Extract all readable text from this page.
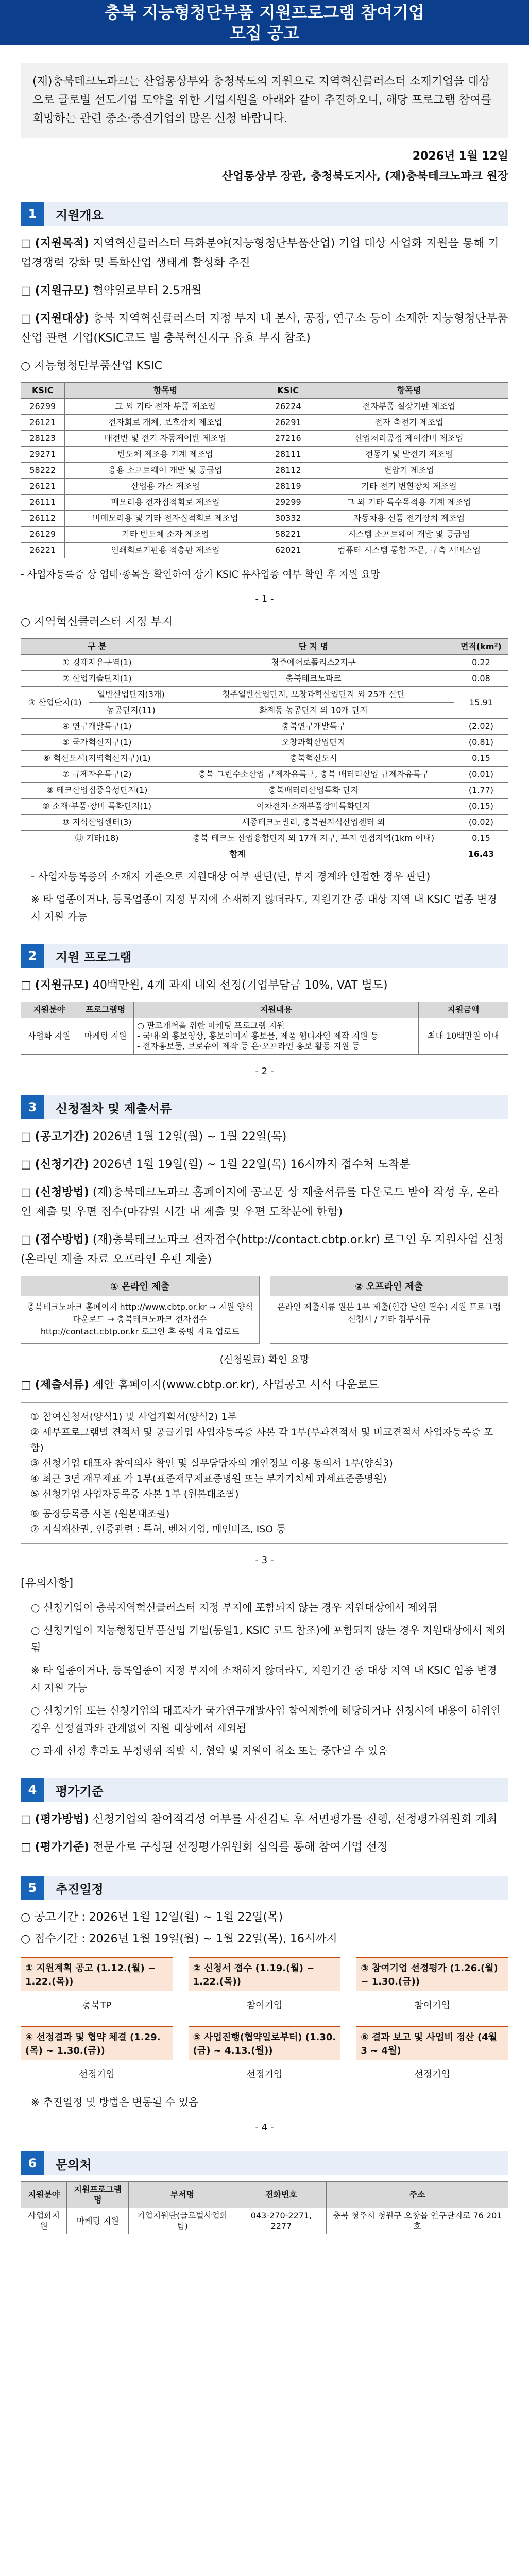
충북 지능형청단부품 지원프로그램 참여기업
모집 공고
(재)충북테크노파크는 산업통상부와 충청북도의 지원으로 지역혁신클러스터 소재기업을 대상으로 글로벌 선도기업 도약을 위한 기업지원을 아래와 같이 추진하오니, 해당 프로그램 참여를 희망하는 관련 중소·중견기업의 많은 신청 바랍니다.
2026년 1월 12일
산업통상부 장관, 충청북도지사, (재)충북테크노파크 원장
1	지원개요
□ (지원목적) 지역혁신클러스터 특화분야(지능형청단부품산업) 기업 대상 사업화 지원을 통해 기업경쟁력 강화 및 특화산업 생태계 활성화 추진
□ (지원규모) 협약일로부터 2.5개월
□ (지원대상) 충북 지역혁신클러스터 지정 부지 내 본사, 공장, 연구소 등이 소재한 지능형청단부품산업 관련 기업(KSIC코드 별 충북혁신지구 유효 부지 참조)
○ 지능형청단부품산업 KSIC
KSIC	항목명	KSIC	항목명
26299	그 외 기타 전자 부품 제조업	26224	전자부품 실장기판 제조업
26121	전자회로 개체, 보호장치 제조업	26291	전자 축전기 제조업
28123	배전반 및 전기 자동제어반 제조업	27216	산업처리공정 제어장비 제조업
29271	반도체 제조용 기계 제조업	28111	전동기 및 발전기 제조업
58222	응용 소프트웨어 개발 및 공급업	28112	변압기 제조업
26121	산업용 가스 제조업	28119	기타 전기 변환장치 제조업
26111	메모리용 전자집적회로 제조업	29299	그 외 기타 특수목적용 기계 제조업
26112	비메모리용 및 기타 전자집적회로 제조업	30332	자동차용 신품 전기장치 제조업
26129	기타 반도체 소자 제조업	58221	시스템 소프트웨어 개발 및 공급업
26221	인쇄회로기판용 적층판 제조업	62021	컴퓨터 시스템 통합 자문, 구축 서비스업
- 사업자등록증 상 업태·종목을 확인하여 상기 KSIC 유사업종 여부 확인 후 지원 요망
- 1 -
○ 지역혁신클러스터 지정 부지
구 분		단 지 명	면적(km²)
① 경제자유구역(1)		청주에어로폴리스2지구	0.22
② 산업기술단지(1)		충북테크노파크	0.08
③ 산업단지(1)	일반산업단지(3개)	청주일반산업단지, 오창과학산업단지 외 25개 산단	15.91
	농공단지(11)	화계동 농공단지 외 10개 단지	
④ 연구개발특구(1)		충북연구개발특구	(2.02)
⑤ 국가혁신지구(1)		오창과학산업단지	(0.81)
⑥ 혁신도시(지역혁신지구)(1)		충북혁신도시	0.15
⑦ 규제자유특구(2)		충북 그린수소산업 규제자유특구, 충북 배터리산업 규제자유특구	(0.01)
⑧ 테크산업집중육성단지(1)		충북배터리산업특화 단지	(1.77)
⑨ 소재·부품·장비 특화단지(1)		이차전지·소재부품장비특화단지	(0.15)
⑩ 지식산업센터(3)		세종테크노빌리, 충북권지식산업센터 외	(0.02)
⑪ 기타(18)		충북 테크노 산업융합단지 외 17개 지구, 부지 인접지역(1km 이내)	0.15
합계			16.43
- 사업자등록증의 소재지 기준으로 지원대상 여부 판단(단, 부지 경계와 인접한 경우 판단)
※ 타 업종이거나, 등록업종이 지정 부지에 소재하지 않더라도, 지원기간 중 대상 지역 내 KSIC 업종 변경 시 지원 가능
2	지원 프로그램
□ (지원규모) 40백만원, 4개 과제 내외 선정(기업부담금 10%, VAT 별도)
지원분야	프로그램명	지원내용	지원금액
사업화 지원	마케팅 지원	○ 판로개척을 위한 마케팅 프로그램 지원
- 국내·외 홍보영상, 홍보이미지 홍보물, 제품 웹디자인 제작 지원 등
- 전자홍보물, 브로슈어 제작 등 온·오프라인 홍보 활동 지원 등	최대 10백만원 이내
- 2 -
3	신청절차 및 제출서류
□ (공고기간) 2026년 1월 12일(월) ~ 1월 22일(목)
□ (신청기간) 2026년 1월 19일(월) ~ 1월 22일(목) 16시까지 접수처 도착분
□ (신청방법) (재)충북테크노파크 홈페이지에 공고문 상 제출서류를 다운로드 받아 작성 후, 온라인 제출 및 우편 접수(마감일 시간 내 제출 및 우편 도착분에 한함)
□ (접수방법) (재)충북테크노파크 전자접수(http://contact.cbtp.or.kr) 로그인 후 지원사업 신청(온라인 제출 자료 오프라인 우편 제출)
① 온라인 제출
충북테크노파크 홈페이지 http://www.cbtp.or.kr → 지원 양식 다운로드 → 충북테크노파크 전자접수 http://contact.cbtp.or.kr 로그인 후 증빙 자료 업로드
② 오프라인 제출
온라인 제출서류 원본 1부 제출(인감 날인 필수) 지원 프로그램 신청서 / 기타 첨부서류
(신청원료) 확인 요망
□ (제출서류) 제안 홈페이지(www.cbtp.or.kr), 사업공고 서식 다운로드
① 참여신청서(양식1) 및 사업계획서(양식2) 1부
② 세부프로그램별 견적서 및 공급기업 사업자등록증 사본 각 1부(부과견적서 및 비교견적서 사업자등록증 포함)
③ 신청기업 대표자 참여의사 확인 및 실무담당자의 개인정보 이용 동의서 1부(양식3)
④ 최근 3년 재무제표 각 1부(표준재무제표증명원 또는 부가가치세 과세표준증명원)
⑤ 신청기업 사업자등록증 사본 1부 (원본대조필)
⑥ 공장등록증 사본 (원본대조필)
⑦ 지식재산권, 인증관련 : 특허, 벤처기업, 메인비즈, ISO 등
- 3 -
[유의사항]
○ 신청기업이 충북지역혁신클러스터 지정 부지에 포함되지 않는 경우 지원대상에서 제외됨
○ 신청기업이 지능형청단부품산업 기업(동일1, KSIC 코드 참조)에 포함되지 않는 경우 지원대상에서 제외됨
※ 타 업종이거나, 등록업종이 지정 부지에 소재하지 않더라도, 지원기간 중 대상 지역 내 KSIC 업종 변경 시 지원 가능
○ 신청기업 또는 신청기업의 대표자가 국가연구개발사업 참여제한에 해당하거나 신청시에 내용이 허위인 경우 선정결과와 관계없이 지원 대상에서 제외됨
○ 과제 선정 후라도 부정행위 적발 시, 협약 및 지원이 취소 또는 중단될 수 있음
4	평가기준
□ (평가방법) 신청기업의 참여적격성 여부를 사전검토 후 서면평가를 진행, 선정평가위원회 개최
□ (평가기준) 전문가로 구성된 선정평가위원회 심의를 통해 참여기업 선정
5	추진일정
○ 공고기간 : 2026년 1월 12일(월) ~ 1월 22일(목)
○ 접수기간 : 2026년 1월 19일(월) ~ 1월 22일(목), 16시까지
① 지원계획 공고 (1.12.(월) ~ 1.22.(목))
충북TP
② 신청서 접수 (1.19.(월) ~ 1.22.(목))
참여기업
③ 참여기업 선정평가 (1.26.(월) ~ 1.30.(금))
참여기업
④ 선정결과 및 협약 체결 (1.29.(목) ~ 1.30.(금))
선정기업
⑤ 사업진행(협약일로부터) (1.30.(금) ~ 4.13.(월))
선정기업
⑥ 결과 보고 및 사업비 정산 (4월 3 ~ 4월)
선정기업
※ 추진일정 및 방법은 변동될 수 있음
- 4 -
6	문의처
지원분야	지원프로그램명	부서명	전화번호	주소
사업화지원	마케팅 지원	기업지원단(글로벌사업화팀)	043-270-2271, 2277	충북 청주시 청원구 오창읍 연구단지로 76 201호
